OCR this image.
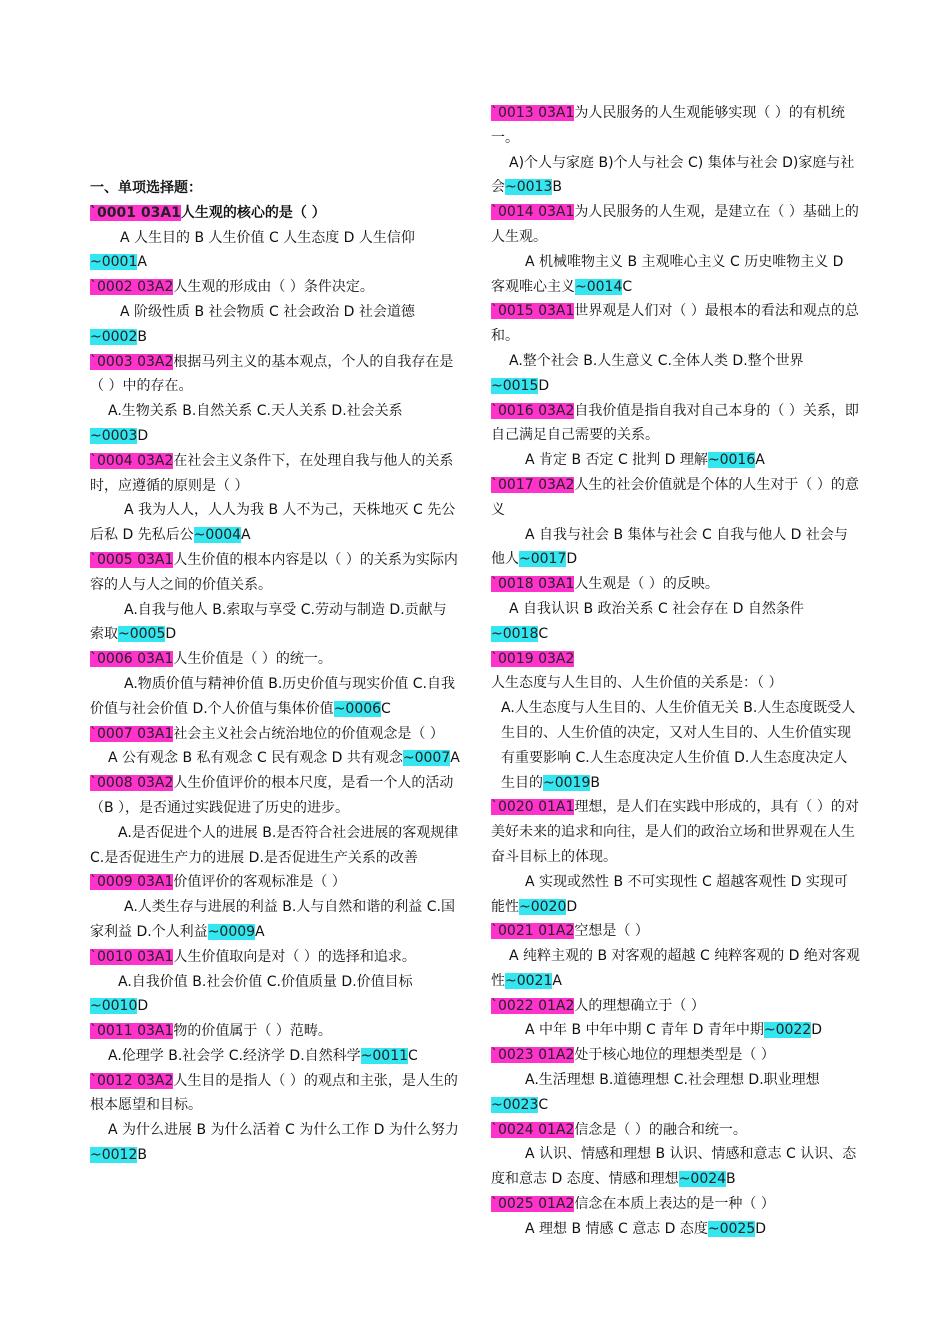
一、单项选择题：
`0001 03A1人生观的核心的是（ ）
A 人生目的 B 人生价值 C 人生态度 D 人生信仰~0001A
`0002 03A2人生观的形成由（ ）条件决定。
A 阶级性质 B 社会物质 C 社会政治 D 社会道德~0002B
`0003 03A2根据马列主义的基本观点，个人的自我存在是（ ）中的存在。
A.生物关系 B.自然关系 C.天人关系 D.社会关系~0003D
`0004 03A2在社会主义条件下，在处理自我与他人的关系时，应遵循的原则是（ ）
A 我为人人，人人为我 B 人不为己，天株地灭 C 先公后私 D 先私后公~0004A
`0005 03A1人生价值的根本内容是以（ ）的关系为实际内容的人与人之间的价值关系。
A.自我与他人 B.索取与享受 C.劳动与制造 D.贡献与索取~0005D
`0006 03A1人生价值是（ ）的统一。
A.物质价值与精神价值 B.历史价值与现实价值 C.自我价值与社会价值 D.个人价值与集体价值~0006C
`0007 03A1社会主义社会占统治地位的价值观念是（ ）
A 公有观念 B 私有观念 C 民有观念 D 共有观念~0007A
`0008 03A2人生价值评价的根本尺度，是看一个人的活动（B ），是否通过实践促进了历史的进步。
A.是否促进个人的进展 B.是否符合社会进展的客观规律 C.是否促进生产力的进展 D.是否促进生产关系的改善
`0009 03A1价值评价的客观标准是（ ）
A.人类生存与进展的利益 B.人与自然和谐的利益 C.国家利益 D.个人利益~0009A
`0010 03A1人生价值取向是对（ ）的选择和追求。
A.自我价值 B.社会价值 C.价值质量 D.价值目标~0010D
`0011 03A1物的价值属于（ ）范畴。
A.伦理学 B.社会学 C.经济学 D.自然科学~0011C
`0012 03A2人生目的是指人（ ）的观点和主张，是人生的根本愿望和目标。
A 为什么进展 B 为什么活着 C 为什么工作 D 为什么努力~0012B
`0013 03A1为人民服务的人生观能够实现（ ）的有机统一。
A)个人与家庭 B)个人与社会 C) 集体与社会 D)家庭与社会~0013B
`0014 03A1为人民服务的人生观，是建立在（ ）基础上的人生观。
A 机械唯物主义 B 主观唯心主义 C 历史唯物主义 D 客观唯心主义~0014C
`0015 03A1世界观是人们对（ ）最根本的看法和观点的总和。
A.整个社会 B.人生意义 C.全体人类 D.整个世界~0015D
`0016 03A2自我价值是指自我对自己本身的（ ）关系，即自己满足自己需要的关系。
A 肯定 B 否定 C 批判 D 理解~0016A
`0017 03A2人生的社会价值就是个体的人生对于（ ）的意义
A 自我与社会 B 集体与社会 C 自我与他人 D 社会与他人~0017D
`0018 03A1人生观是（ ）的反映。
A 自我认识 B 政治关系 C 社会存在 D 自然条件~0018C
`0019 03A2人生态度与人生目的、人生价值的关系是：（ ）
A.人生态度与人生目的、人生价值无关 B.人生态度既受人生目的、人生价值的决定，又对人生目的、人生价值实现有重要影响 C.人生态度决定人生价值 D.人生态度决定人生目的~0019B
`0020 01A1理想，是人们在实践中形成的，具有（ ）的对美好未来的追求和向往，是人们的政治立场和世界观在人生奋斗目标上的体现。
A 实现或然性 B 不可实现性 C 超越客观性 D 实现可能性~0020D
`0021 01A2空想是（ ）
A 纯粹主观的 B 对客观的超越 C 纯粹客观的 D 绝对客观性~0021A
`0022 01A2人的理想确立于（ ）
A 中年 B 中年中期 C 青年 D 青年中期~0022D
`0023 01A2处于核心地位的理想类型是（ ）
A.生活理想 B.道德理想 C.社会理想 D.职业理想~0023C
`0024 01A2信念是（ ）的融合和统一。
A 认识、情感和理想 B 认识、情感和意志 C 认识、态度和意志 D 态度、情感和理想~0024B
`0025 01A2信念在本质上表达的是一种（ ）
A 理想 B 情感 C 意志 D 态度~0025D
